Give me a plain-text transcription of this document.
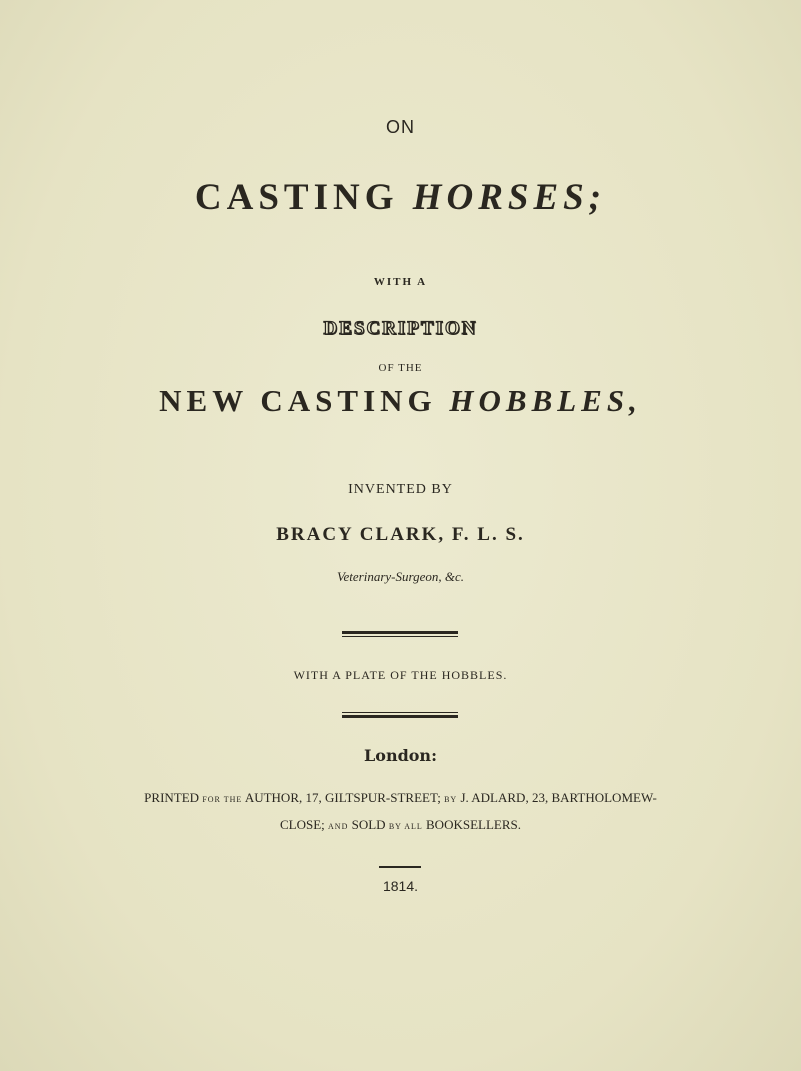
ON
CASTING HORSES;
WITH A
DESCRIPTION
OF THE
NEW CASTING HOBBLES,
INVENTED BY
BRACY CLARK, F. L. S.
Veterinary-Surgeon, &c.
WITH A PLATE OF THE HOBBLES.
London:
PRINTED FOR THE AUTHOR, 17, GILTSPUR-STREET; BY J. ADLARD, 23, BARTHOLOMEW-
CLOSE; AND SOLD BY ALL BOOKSELLERS.
1814.
